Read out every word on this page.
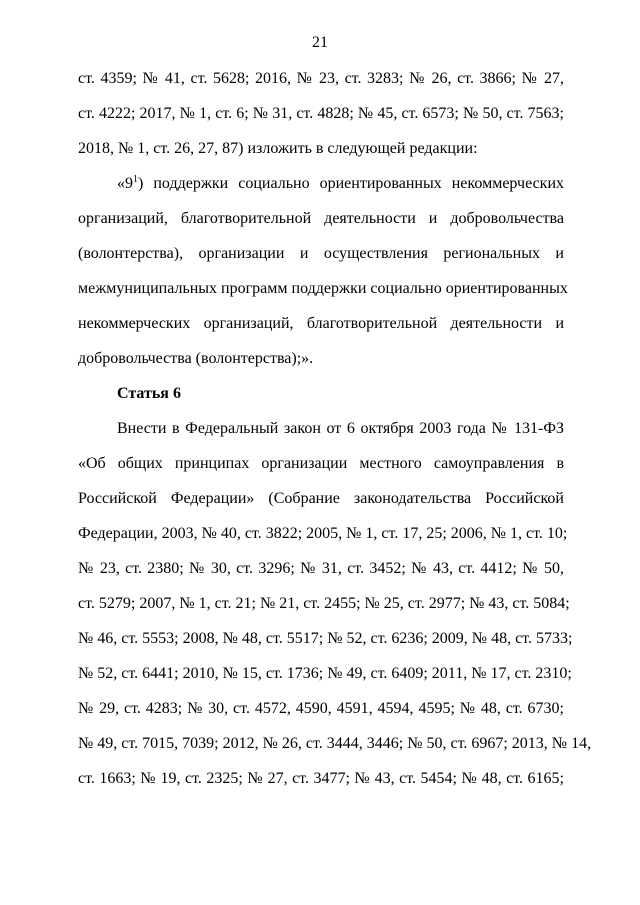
21
ст. 4359; № 41, ст. 5628; 2016, № 23, ст. 3283; № 26, ст. 3866; № 27,
ст. 4222; 2017, № 1, ст. 6; № 31, ст. 4828; № 45, ст. 6573; № 50, ст. 7563;
2018, № 1, ст. 26, 27, 87) изложить в следующей редакции:
«$9^1$) поддержки социально ориентированных некоммерческих
организаций, благотворительной деятельности и добровольчества
(волонтерства), организации и осуществления региональных и
межмуниципальных программ поддержки социально ориентированных
некоммерческих организаций, благотворительной деятельности и
добровольчества (волонтерства);».
Статья 6
Внести в Федеральный закон от 6 октября 2003 года № 131-ФЗ
«Об общих принципах организации местного самоуправления в
Российской Федерации» (Собрание законодательства Российской
Федерации, 2003, № 40, ст. 3822; 2005, № 1, ст. 17, 25; 2006, № 1, ст. 10;
№ 23, ст. 2380; № 30, ст. 3296; № 31, ст. 3452; № 43, ст. 4412; № 50,
ст. 5279; 2007, № 1, ст. 21; № 21, ст. 2455; № 25, ст. 2977; № 43, ст. 5084;
№ 46, ст. 5553; 2008, № 48, ст. 5517; № 52, ст. 6236; 2009, № 48, ст. 5733;
№ 52, ст. 6441; 2010, № 15, ст. 1736; № 49, ст. 6409; 2011, № 17, ст. 2310;
№ 29, ст. 4283; № 30, ст. 4572, 4590, 4591, 4594, 4595; № 48, ст. 6730;
№ 49, ст. 7015, 7039; 2012, № 26, ст. 3444, 3446; № 50, ст. 6967; 2013, № 14,
ст. 1663; № 19, ст. 2325; № 27, ст. 3477; № 43, ст. 5454; № 48, ст. 6165;
